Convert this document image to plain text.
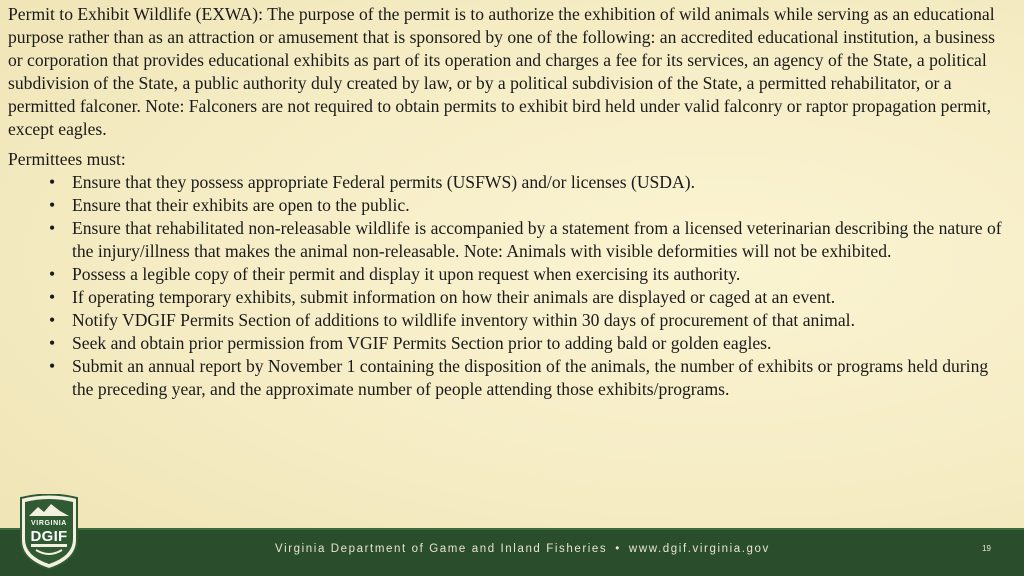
Permit to Exhibit Wildlife (EXWA): The purpose of the permit is to authorize the exhibition of wild animals while serving as an educational purpose rather than as an attraction or amusement that is sponsored by one of the following: an accredited educational institution, a business or corporation that provides educational exhibits as part of its operation and charges a fee for its services, an agency of the State, a political subdivision of the State, a public authority duly created by law, or by a political subdivision of the State, a permitted rehabilitator, or a permitted falconer. Note: Falconers are not required to obtain permits to exhibit bird held under valid falconry or raptor propagation permit, except eagles.

Permittees must:

• Ensure that they possess appropriate Federal permits (USFWS) and/or licenses (USDA).
• Ensure that their exhibits are open to the public.
• Ensure that rehabilitated non-releasable wildlife is accompanied by a statement from a licensed veterinarian describing the nature of the injury/illness that makes the animal non-releasable. Note: Animals with visible deformities will not be exhibited.
• Possess a legible copy of their permit and display it upon request when exercising its authority.
• If operating temporary exhibits, submit information on how their animals are displayed or caged at an event.
• Notify VDGIF Permits Section of additions to wildlife inventory within 30 days of procurement of that animal.
• Seek and obtain prior permission from VGIF Permits Section prior to adding bald or golden eagles.
• Submit an annual report by November 1 containing the disposition of the animals, the number of exhibits or programs held during the preceding year, and the approximate number of people attending those exhibits/programs.
Virginia Department of Game and Inland Fisheries • www.dgif.virginia.gov	19
VIRGINIA
DGIF
